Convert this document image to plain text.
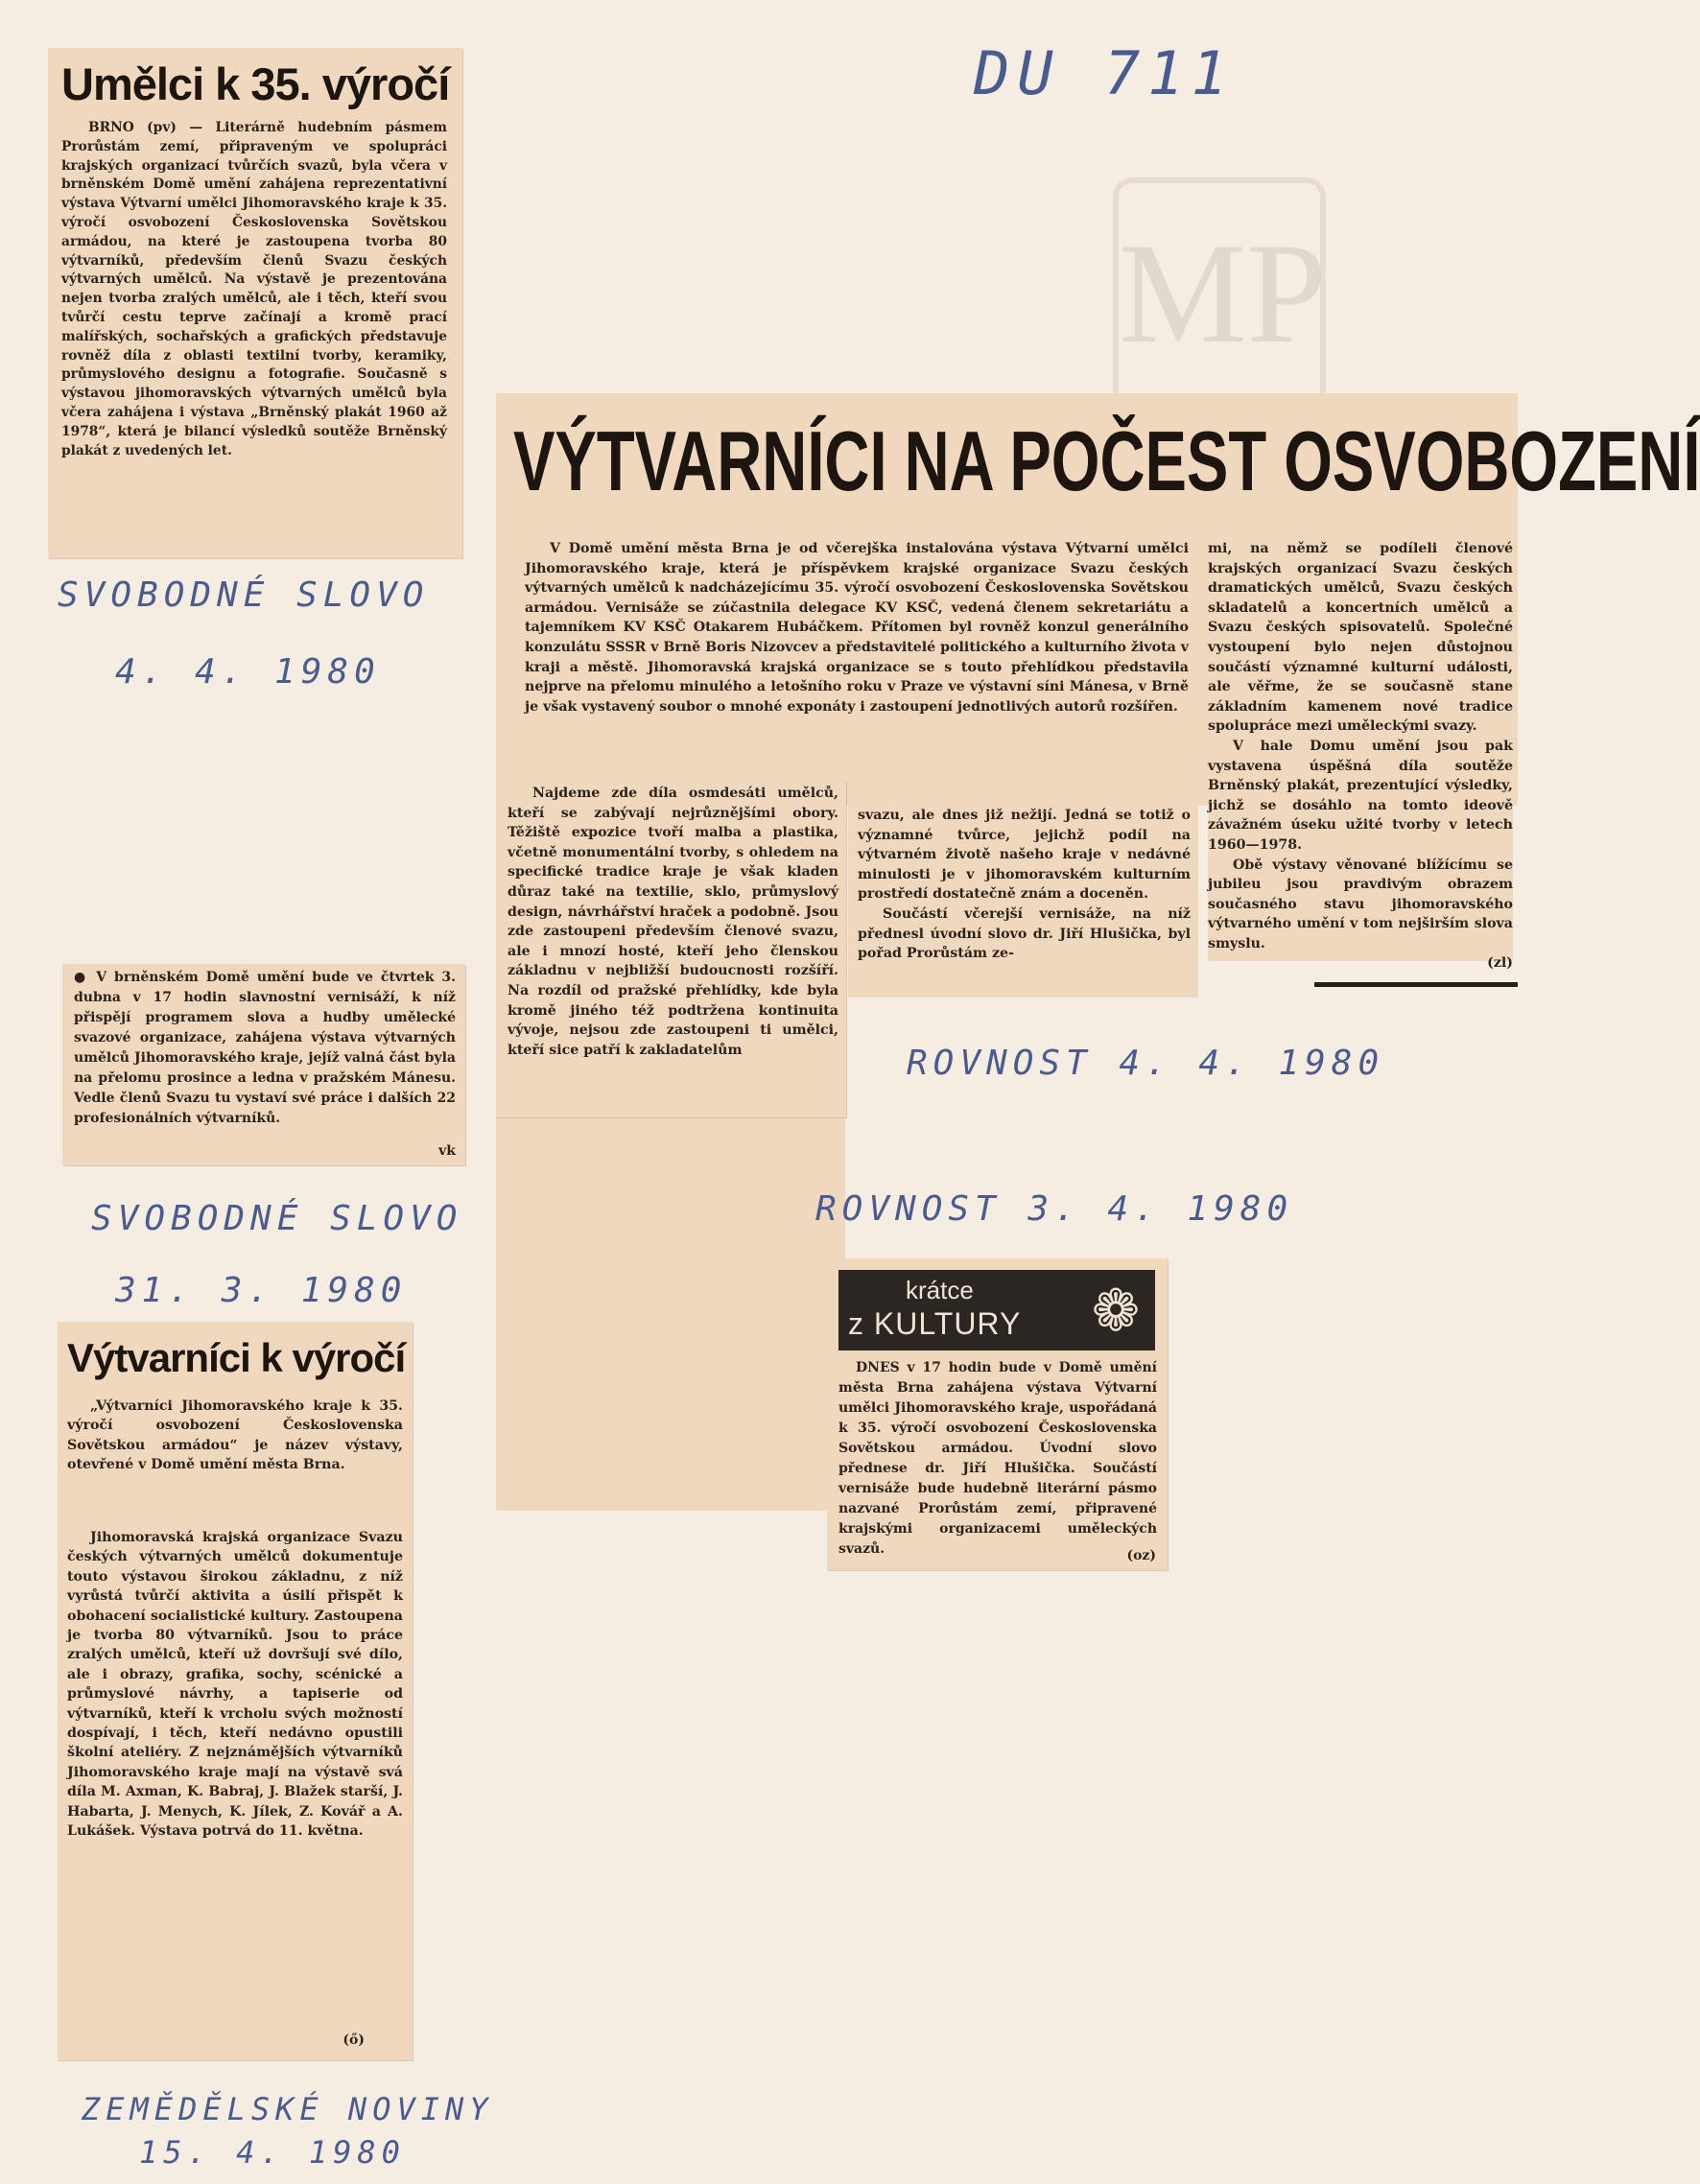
DU 711
MP
Umělci k 35. výročí

BRNO (pv) — Literárně hudebním pásmem Prorůstám zemí, připraveným ve spolupráci krajských organizací tvůrčích svazů, byla včera v brněnském Domě umění zahájena reprezentativní výstava Výtvarní umělci Jihomoravského kraje k 35. výročí osvobození Československa Sovětskou armádou, na které je zastoupena tvorba 80 výtvarníků, především členů Svazu českých výtvarných umělců. Na výstavě je prezentována nejen tvorba zralých umělců, ale i těch, kteří svou tvůrčí cestu teprve začínají a kromě prací malířských, sochařských a grafických představuje rovněž díla z oblasti textilní tvorby, keramiky, průmyslového designu a fotografie. Současně s výstavou jihomoravských výtvarných umělců byla včera zahájena i výstava „Brněnský plakát 1960 až 1978“, která je bilancí výsledků soutěže Brněnský plakát z uvedených let.

SVOBODNÉ SLOVO
4. 4. 1980
VÝTVARNÍCI NA POČEST OSVOBOZENÍ

V Domě umění města Brna je od včerejška instalována výstava Výtvarní umělci Jihomoravského kraje, která je příspěvkem krajské organizace Svazu českých výtvarných umělců k nadcházejícímu 35. výročí osvobození Československa Sovětskou armádou. Vernisáže se zúčastnila delegace KV KSČ, vedená členem sekretariátu a tajemníkem KV KSČ Otakarem Hubáčkem. Přítomen byl rovněž konzul generálního konzulátu SSSR v Brně Boris Nizovcev a představitelé politického a kulturního života v kraji a městě. Jihomoravská krajská organizace se s touto přehlídkou představila nejprve na přelomu minulého a letošního roku v Praze ve výstavní síni Mánesa, v Brně je však vystavený soubor o mnohé exponáty i zastoupení jednotlivých autorů rozšířen.

mi, na němž se podíleli členové krajských organizací Svazu českých dramatických umělců, Svazu českých skladatelů a koncertních umělců a Svazu českých spisovatelů. Společné vystoupení bylo nejen důstojnou součástí významné kulturní události, ale věřme, že se současně stane základním kamenem nové tradice spolupráce mezi uměleckými svazy.

V hale Domu umění jsou pak vystavena úspěšná díla soutěže Brněnský plakát, prezentující výsledky, jichž se dosáhlo na tomto ideově závažném úseku užité tvorby v letech 1960—1978.

Obě výstavy věnované blížícímu se jubileu jsou pravdivým obrazem současného stavu jihomoravského výtvarného umění v tom nejširším slova smyslu.

(zl)

svazu, ale dnes již nežijí. Jedná se totiž o významné tvůrce, jejichž podíl na výtvarném životě našeho kraje v nedávné minulosti je v jihomoravském kulturním prostředí dostatečně znám a doceněn.

Součástí včerejší vernisáže, na níž přednesl úvodní slovo dr. Jiří Hlušička, byl pořad Prorůstám ze-

Najdeme zde díla osmdesáti umělců, kteří se zabývají nejrůznějšími obory. Těžiště expozice tvoří malba a plastika, včetně monumentální tvorby, s ohledem na specifické tradice kraje je však kladen důraz také na textilie, sklo, průmyslový design, návrhářství hraček a podobně. Jsou zde zastoupeni především členové svazu, ale i mnozí hosté, kteří jeho členskou základnu v nejbližší budoucnosti rozšíří. Na rozdíl od pražské přehlídky, kde byla kromě jiného též podtržena kontinuita vývoje, nejsou zde zastoupeni ti umělci, kteří sice patří k zakladatelům	ROVNOST 4. 4. 1980

● V brněnském Domě umění bude ve čtvrtek 3. dubna v 17 hodin slavnostní vernisáží, k níž přispějí programem slova a hudby umělecké svazové organizace, zahájena výstava výtvarných umělců Jihomoravského kraje, jejíž valná část byla na přelomu prosince a ledna v pražském Mánesu. Vedle členů Svazu tu vystaví své práce i dalších 22 profesionálních výtvarníků.

vk

SVOBODNÉ SLOVO
31. 3. 1980
Výtvarníci k výročí

„Výtvarníci Jihomoravského kraje k 35. výročí osvobození Československa Sovětskou armádou“ je název výstavy, otevřené v Domě umění města Brna.

Jihomoravská krajská organizace Svazu českých výtvarných umělců dokumentuje touto výstavou širokou základnu, z níž vyrůstá tvůrčí aktivita a úsilí přispět k obohacení socialistické kultury. Zastoupena je tvorba 80 výtvarníků. Jsou to práce zralých umělců, kteří už dovršují své dílo, ale i obrazy, grafika, sochy, scénické a průmyslové návrhy, a tapiserie od výtvarníků, kteří k vrcholu svých možností dospívají, i těch, kteří nedávno opustili školní ateliéry. Z nejznámějších výtvarníků Jihomoravského kraje mají na výstavě svá díla M. Axman, K. Babraj, J. Blažek starší, J. Habarta, J. Menych, K. Jílek, Z. Kovář a A. Lukášek. Výstava potrvá do 11. května.

(ő)

ZEMĚDĚLSKÉ NOVINY
15. 4. 1980
ROVNOST 3. 4. 1980
krátce
z KULTURY ❁

DNES v 17 hodin bude v Domě umění města Brna zahájena výstava Výtvarní umělci Jihomoravského kraje, uspořádaná k 35. výročí osvobození Československa Sovětskou armádou. Úvodní slovo přednese dr. Jiří Hlušička. Součástí vernisáže bude hudebně literární pásmo nazvané Prorůstám zemí, připravené krajskými organizacemi uměleckých svazů.	(oz)
